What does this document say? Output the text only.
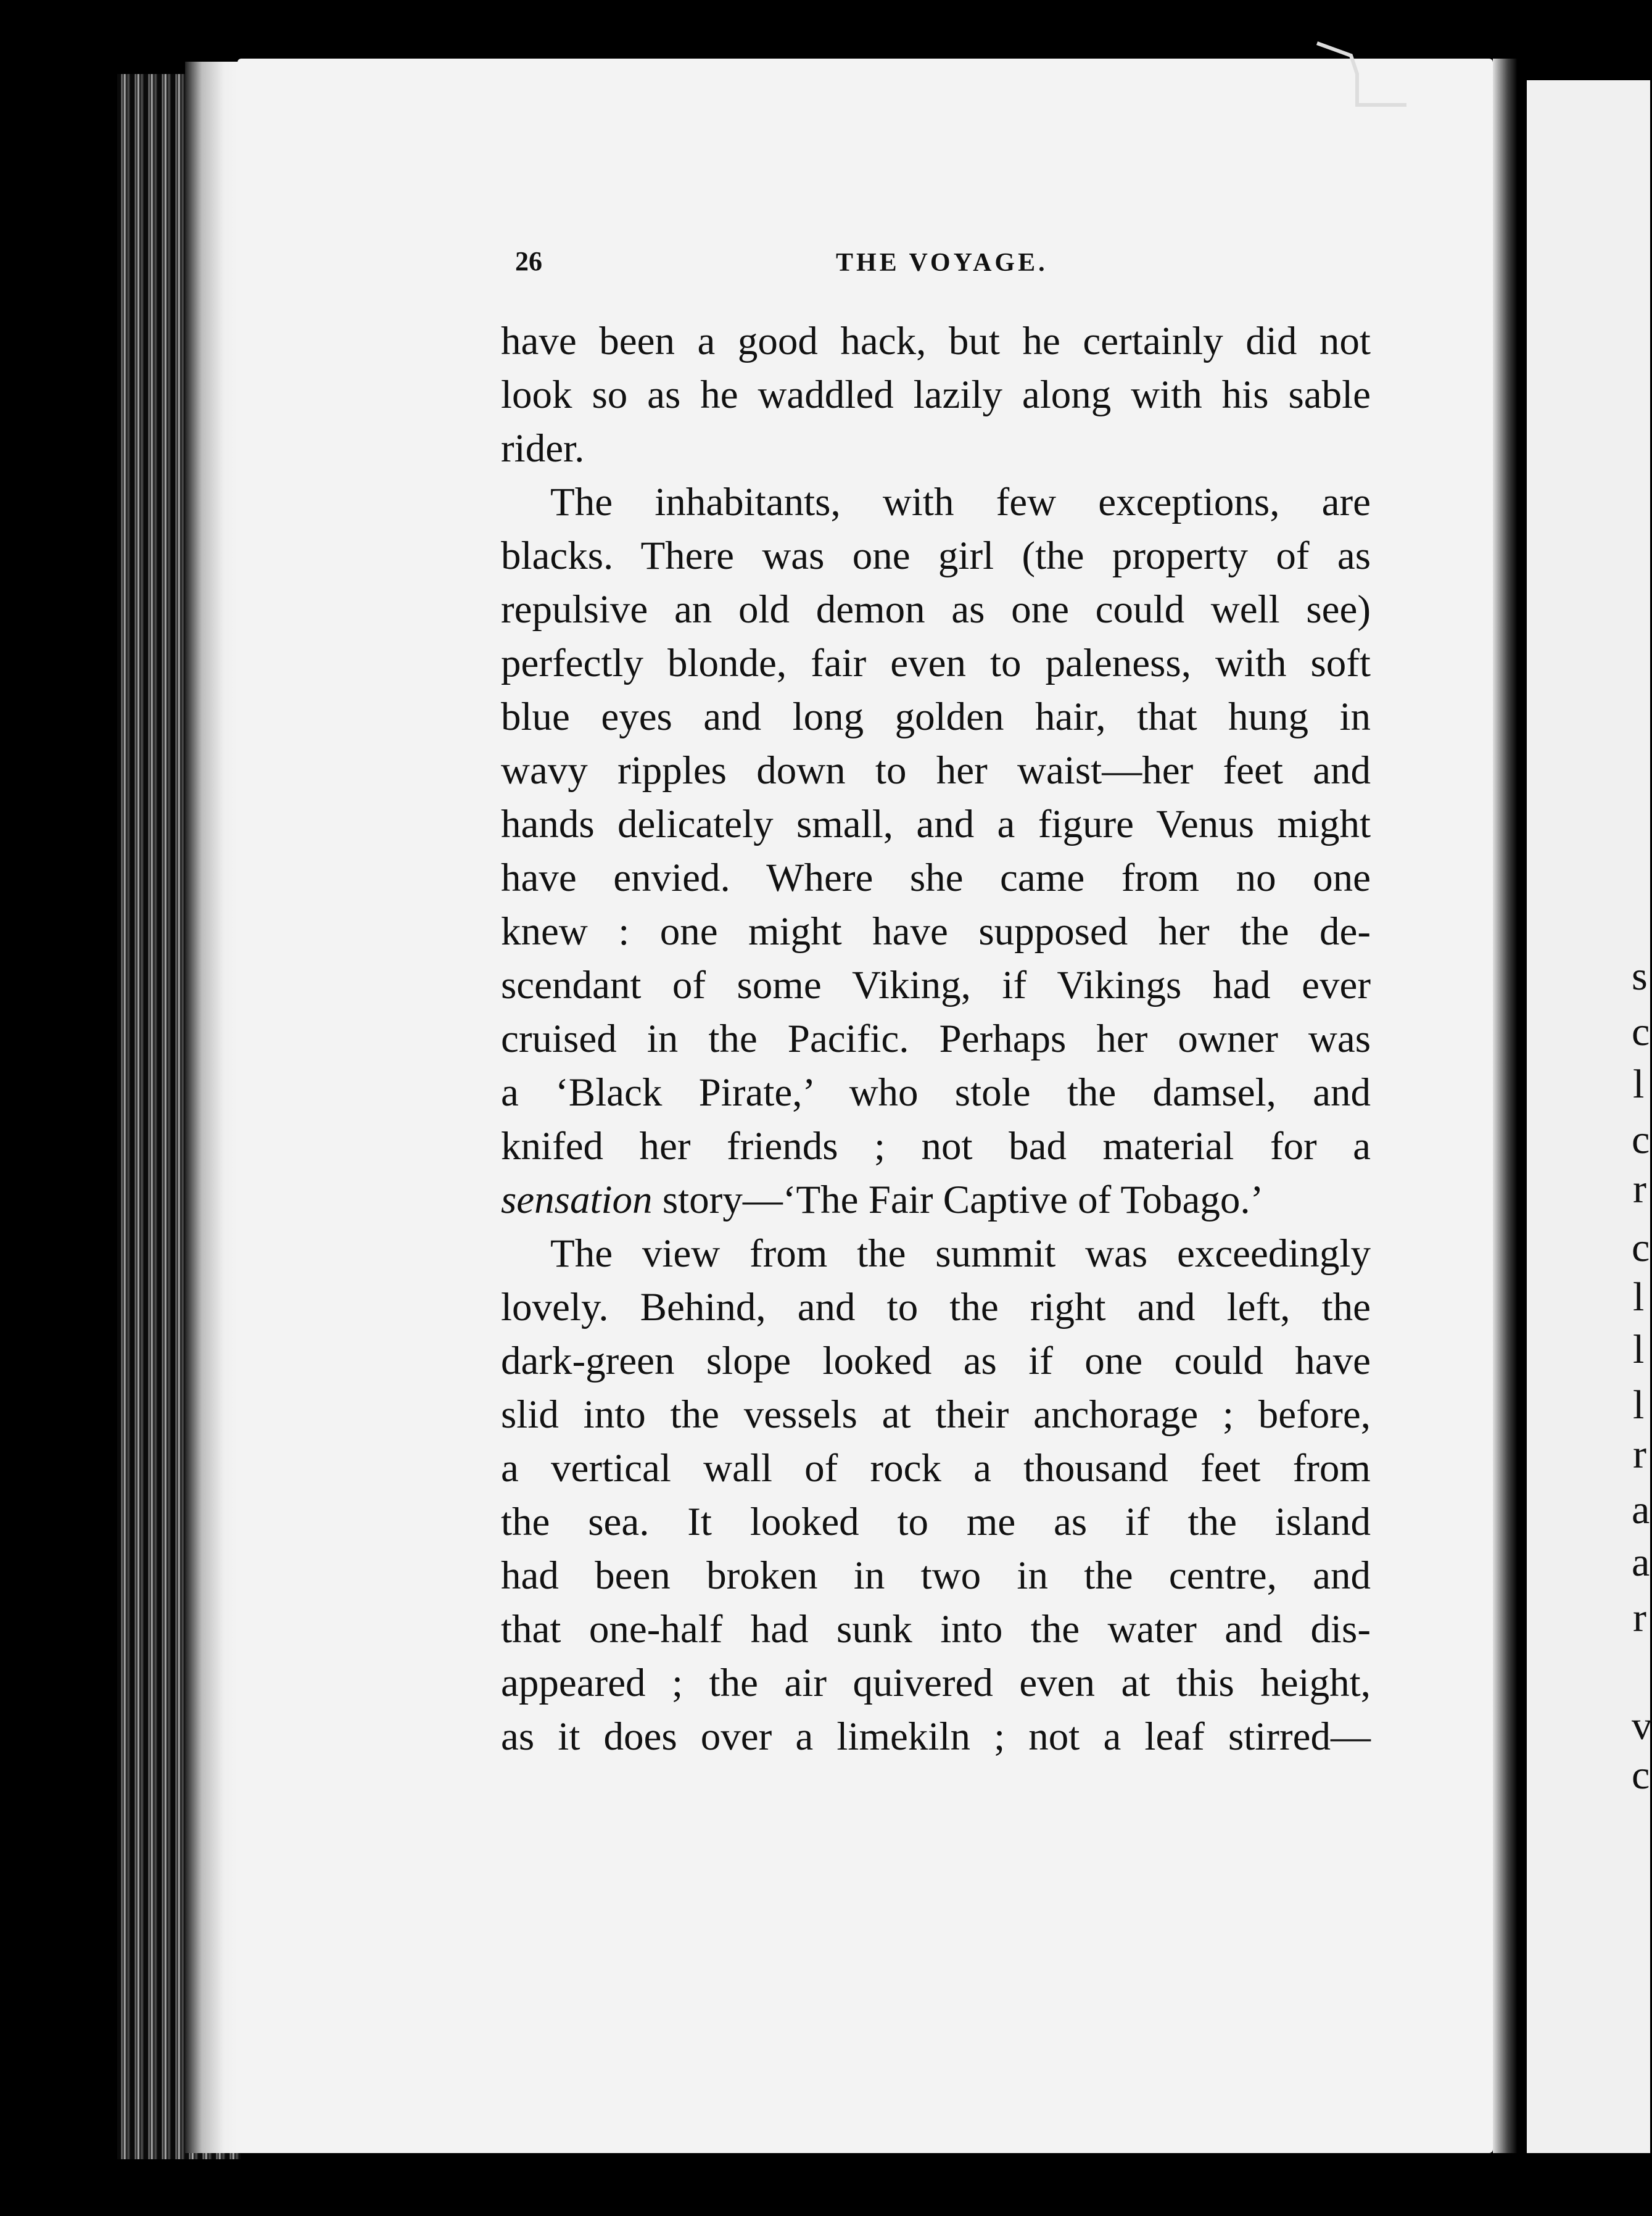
s
c
l
c
r
c
l
l
l
r
a
a
r
v
c
26	THE VOYAGE.
have been a good hack, but he certainly did not
look so as he waddled lazily along with his sable
rider.
The inhabitants, with few exceptions, are
blacks. There was one girl (the property of as
repulsive an old demon as one could well see)
perfectly blonde, fair even to paleness, with soft
blue eyes and long golden hair, that hung in
wavy ripples down to her waist—her feet and
hands delicately small, and a figure Venus might
have envied. Where she came from no one
knew : one might have supposed her the de-
scendant of some Viking, if Vikings had ever
cruised in the Pacific. Perhaps her owner was
a ‘Black Pirate,’ who stole the damsel, and
knifed her friends ; not bad material for a
sensation story—‘The Fair Captive of Tobago.’
The view from the summit was exceedingly
lovely. Behind, and to the right and left, the
dark-green slope looked as if one could have
slid into the vessels at their anchorage ; before,
a vertical wall of rock a thousand feet from
the sea. It looked to me as if the island
had been broken in two in the centre, and
that one-half had sunk into the water and dis-
appeared ; the air quivered even at this height,
as it does over a limekiln ; not a leaf stirred—
